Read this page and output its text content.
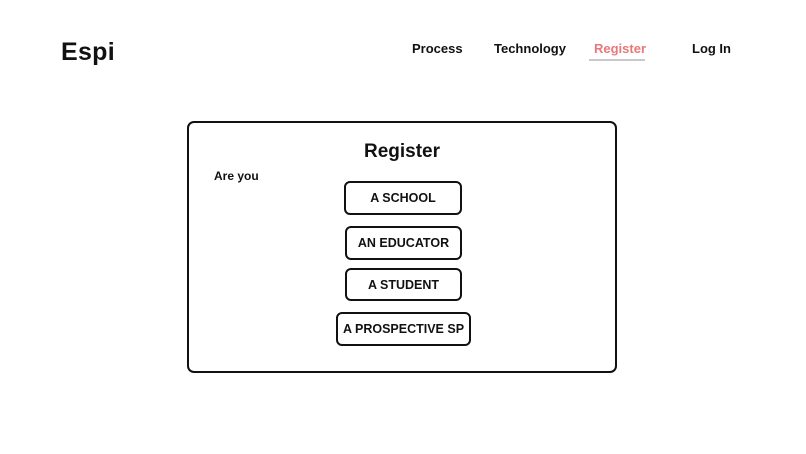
Espi	Process Technology Register	Log In
Register
Are you
A SCHOOL
AN EDUCATOR
A STUDENT
A PROSPECTIVE SP
